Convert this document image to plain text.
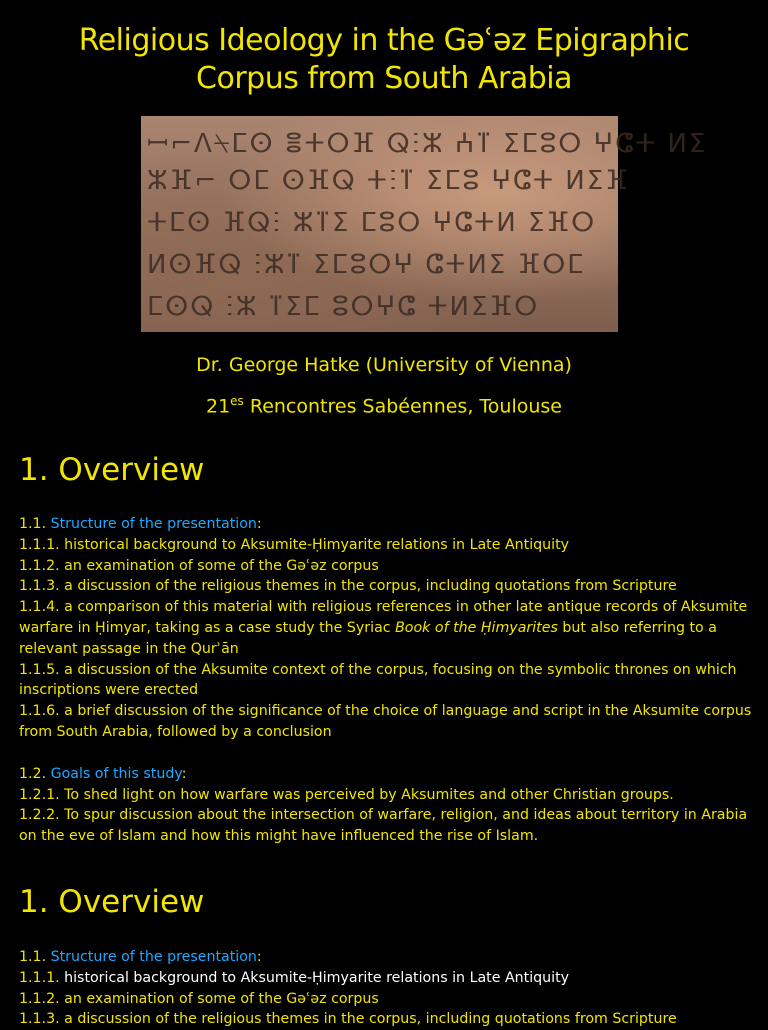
Religious Ideology in the Gəʿəz Epigraphic
Corpus from South Arabia
ꟷ⌐ⴷ⍀ⵎⵙ ⴻⵜⵔⴼ ⵕⵗⵣ ⵄⴶ ⵉⵎⵓⵔ ⵖⵛⵜ ⵍⵉ
ⵣⴼ⌐ ⵔⵎ ⵙⴼⵕ ⵜⵗⴶ ⵉⵎⵓ ⵖⵛⵜ ⵍⵉⴼ
ⵜⵎⵙ ⴼⵕⵗ ⵣⴶⵉ ⵎⵓⵔ ⵖⵛⵜⵍ ⵉⴼⵔ
ⵍⵙⴼⵕ ⵗⵣⴶ ⵉⵎⵓⵔⵖ ⵛⵜⵍⵉ ⴼⵔⵎ
ⵎⵙⵕ ⵗⵣ ⴶⵉⵎ ⵓⵔⵖⵛ ⵜⵍⵉⴼⵔ
Dr. George Hatke (University of Vienna)
$21^{es}$ Rencontres Sabéennes, Toulouse
1. Overview

1.1. Structure of the presentation:

1.1.1. historical background to Aksumite-Ḥimyarite relations in Late Antiquity

1.1.2. an examination of some of the Gəʿəz corpus

1.1.3. a discussion of the religious themes in the corpus, including quotations from Scripture

1.1.4. a comparison of this material with religious references in other late antique records of Aksumite warfare in Ḥimyar, taking as a case study the Syriac Book of the Ḥimyarites but also referring to a relevant passage in the Qurʾān

1.1.5. a discussion of the Aksumite context of the corpus, focusing on the symbolic thrones on which inscriptions were erected

1.1.6. a brief discussion of the significance of the choice of language and script in the Aksumite corpus from South Arabia, followed by a conclusion

1.2. Goals of this study:

1.2.1. To shed light on how warfare was perceived by Aksumites and other Christian groups.

1.2.2. To spur discussion about the intersection of warfare, religion, and ideas about territory in Arabia on the eve of Islam and how this might have influenced the rise of Islam.

1. Overview

1.1. Structure of the presentation:

1.1.1. historical background to Aksumite-Ḥimyarite relations in Late Antiquity

1.1.2. an examination of some of the Gəʿəz corpus

1.1.3. a discussion of the religious themes in the corpus, including quotations from Scripture
